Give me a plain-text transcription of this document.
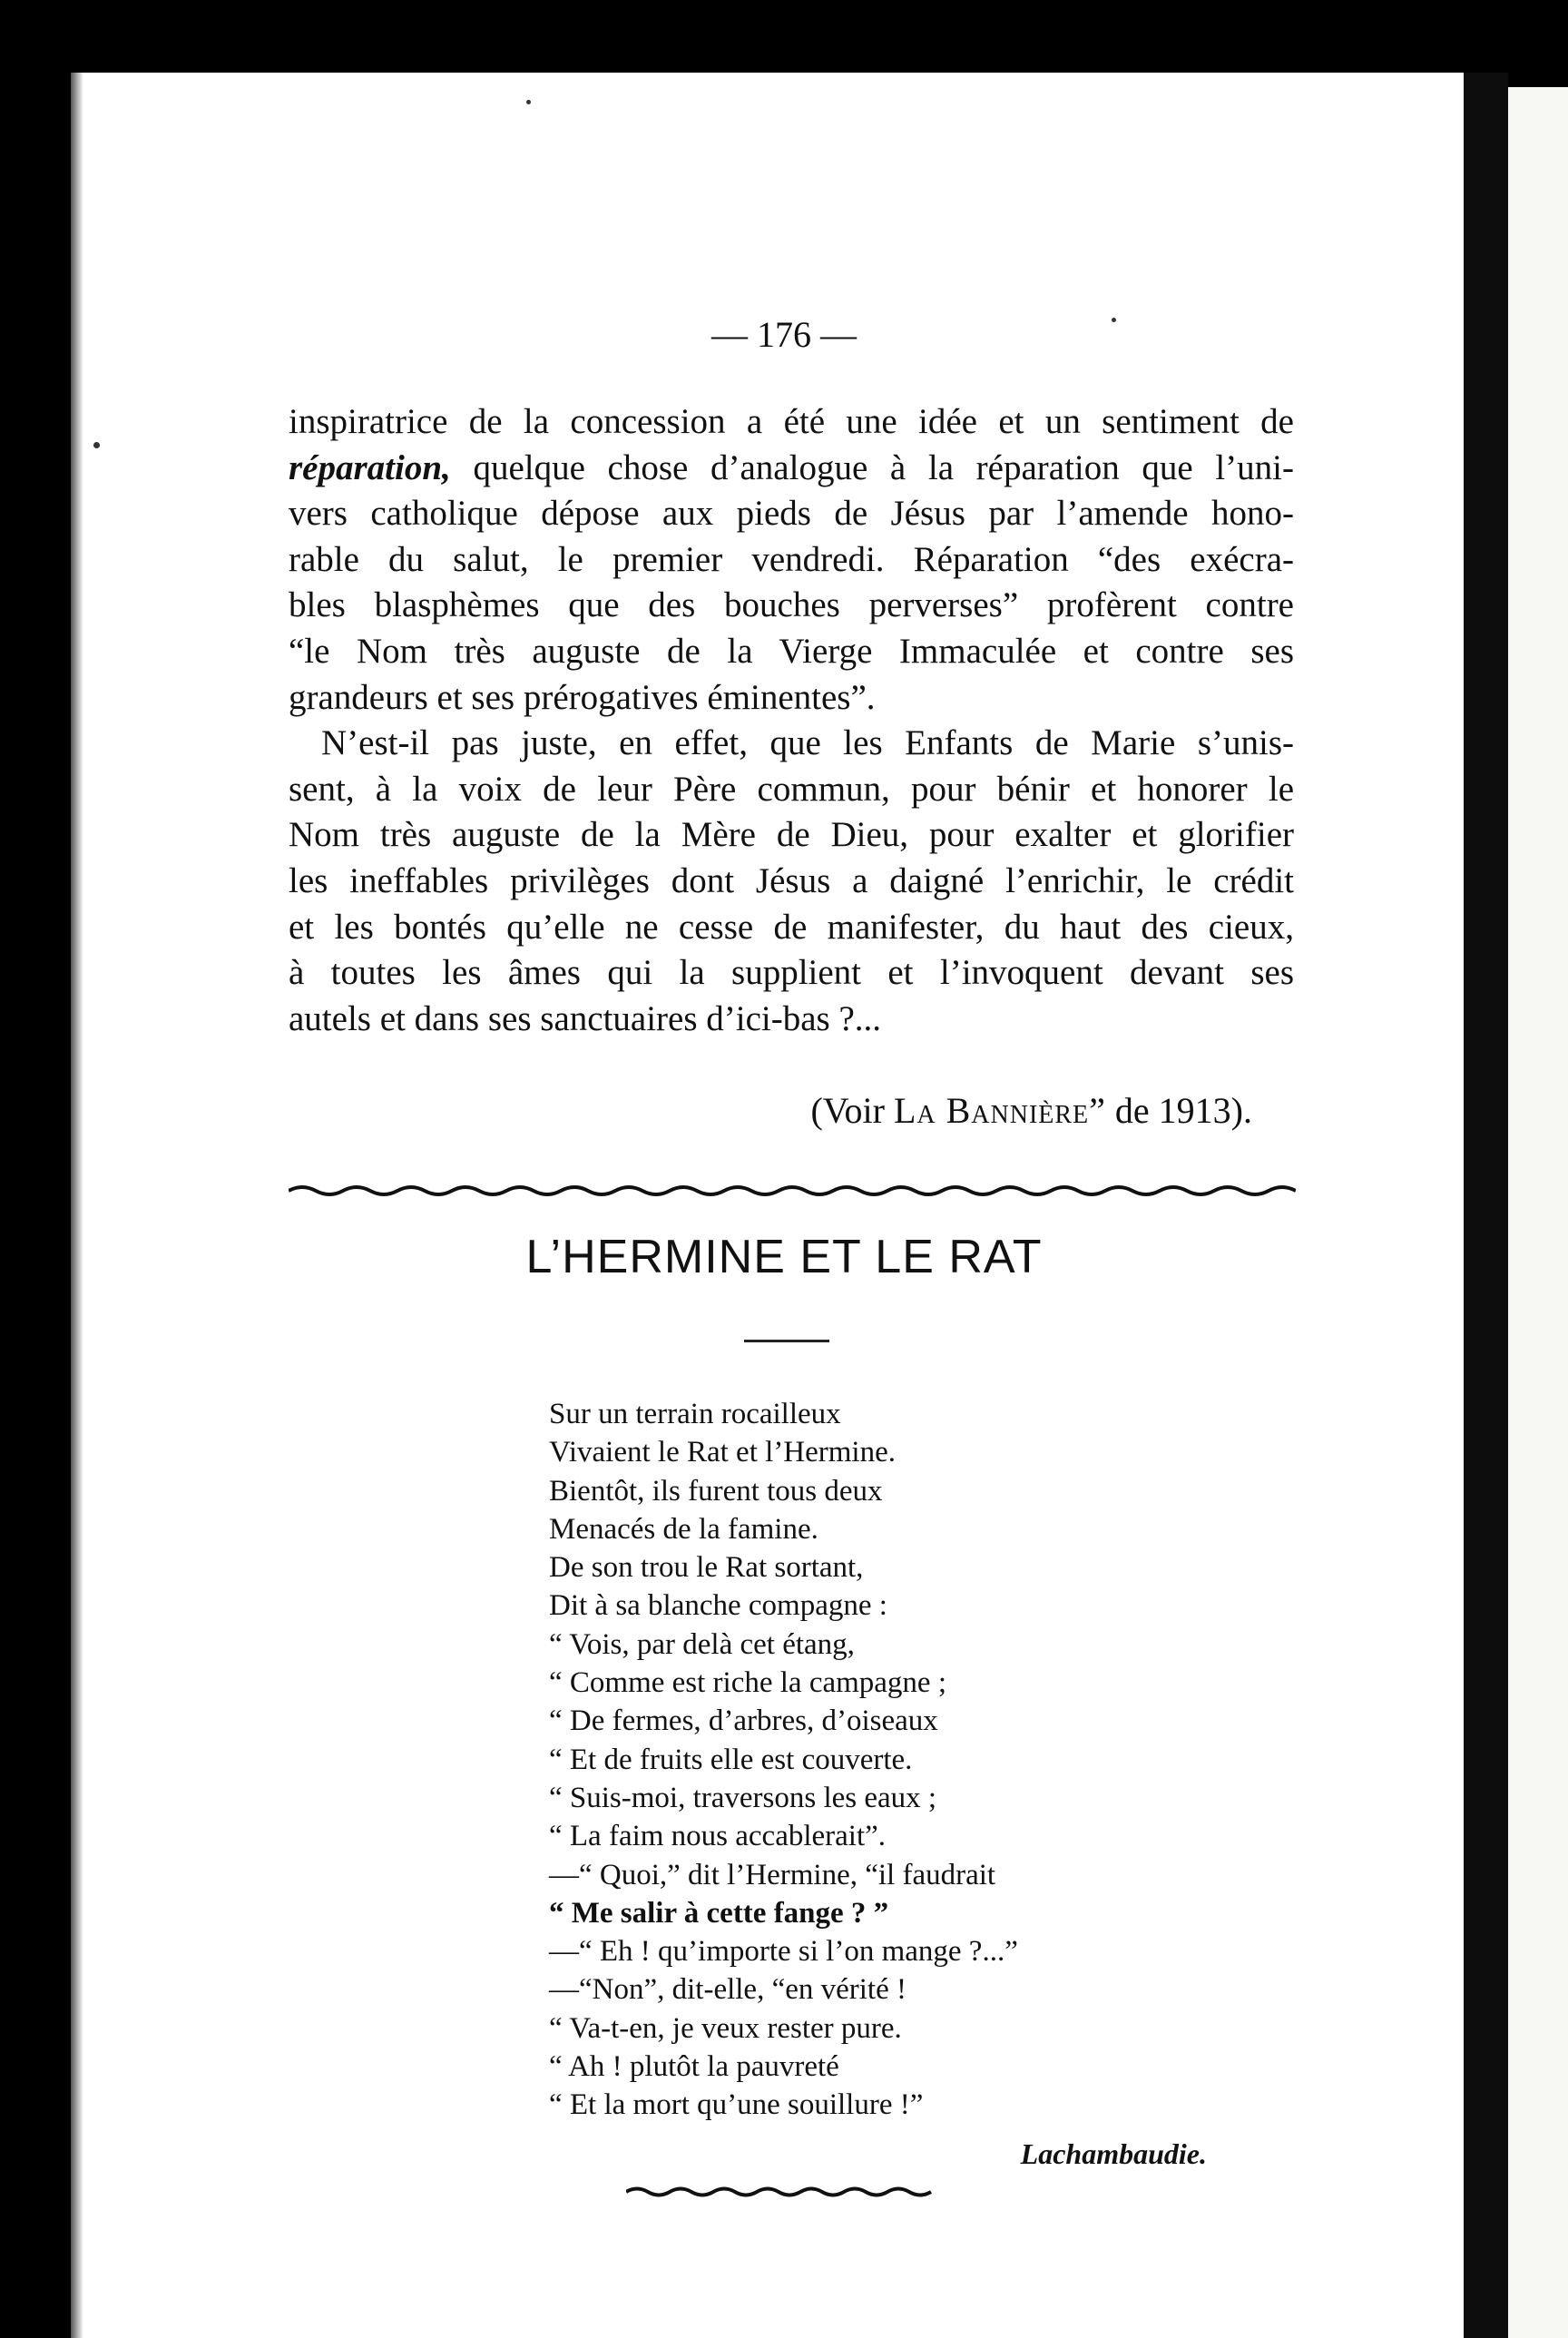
— 176 —

inspiratrice de la concession a été une idée et un sentiment de
réparation, quelque chose d’analogue à la réparation que l’uni-
vers catholique dépose aux pieds de Jésus par l’amende hono-
rable du salut, le premier vendredi. Réparation “des exécra-
bles blasphèmes que des bouches perverses” profèrent contre
“le Nom très auguste de la Vierge Immaculée et contre ses
grandeurs et ses prérogatives éminentes”.

N’est-il pas juste, en effet, que les Enfants de Marie s’unis-
sent, à la voix de leur Père commun, pour bénir et honorer le
Nom très auguste de la Mère de Dieu, pour exalter et glorifier
les ineffables privilèges dont Jésus a daigné l’enrichir, le crédit
et les bontés qu’elle ne cesse de manifester, du haut des cieux,
à toutes les âmes qui la supplient et l’invoquent devant ses
autels et dans ses sanctuaires d’ici-bas ?...

(Voir La Bannière” de 1913).
L’HERMINE ET LE RAT
Sur un terrain rocailleux
Vivaient le Rat et l’Hermine.
Bientôt, ils furent tous deux
Menacés de la famine.
De son trou le Rat sortant,
Dit à sa blanche compagne :
“ Vois, par delà cet étang,
“ Comme est riche la campagne ;
“ De fermes, d’arbres, d’oiseaux
“ Et de fruits elle est couverte.
“ Suis-moi, traversons les eaux ;
“ La faim nous accablerait”.
—“ Quoi,” dit l’Hermine, “il faudrait
“ Me salir à cette fange ? ”
—“ Eh ! qu’importe si l’on mange ?...”
—“Non”, dit-elle, “en vérité !
“ Va-t-en, je veux rester pure.
“ Ah ! plutôt la pauvreté
“ Et la mort qu’une souillure !”
Lachambaudie.
